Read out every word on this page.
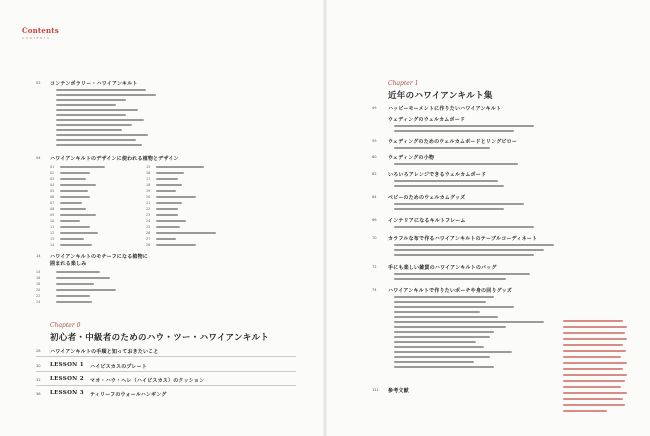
Contents
CONTENTS
02 コンテンポラリー・ハワイアンキルト
04 ハワイアンキルトのデザインに使われる植物とデザイン
01
02
03
04
05
06
07
08
09
10
11
12
13
14
15
16
17
18
19
20
21
22
23
24
25
26
27
28
14 ハワイアンキルトのモチーフになる植物に
囲まれる楽しみ
14
16
18
20
22
24
Chapter 0
初心者・中級者のためのハウ・ツー・ハワイアンキルト
28 ハワイアンキルトの手順と知っておきたいこと
30 LESSON 1 ハイビスカスのプレート
32 LESSON 2 マオ・ハウ・ヘレ（ハイビスカス）のクッション
36 LESSON 3 ティリーフのウォールハンギング
Chapter 1
近年のハワイアンキルト集
49 ハッピーモーメントに作りたいハワイアンキルト
ウェディングのウェルカムボード
59 ウェディングのためのウェルカムボードとリングピロー
60 ウェディングの小物
62 いろいろアレンジできるウェルカムボード
64 ベビーのためのウェルカムグッズ
66 インテリアになるキルトフレーム
70 カラフルな布で作るハワイアンキルトのテーブルコーディネート
72 手にも楽しい雑貨のハワイアンキルトのバッグ
74 ハワイアンキルトで作りたいポーチや身の回りグッズ
111 参考文献
